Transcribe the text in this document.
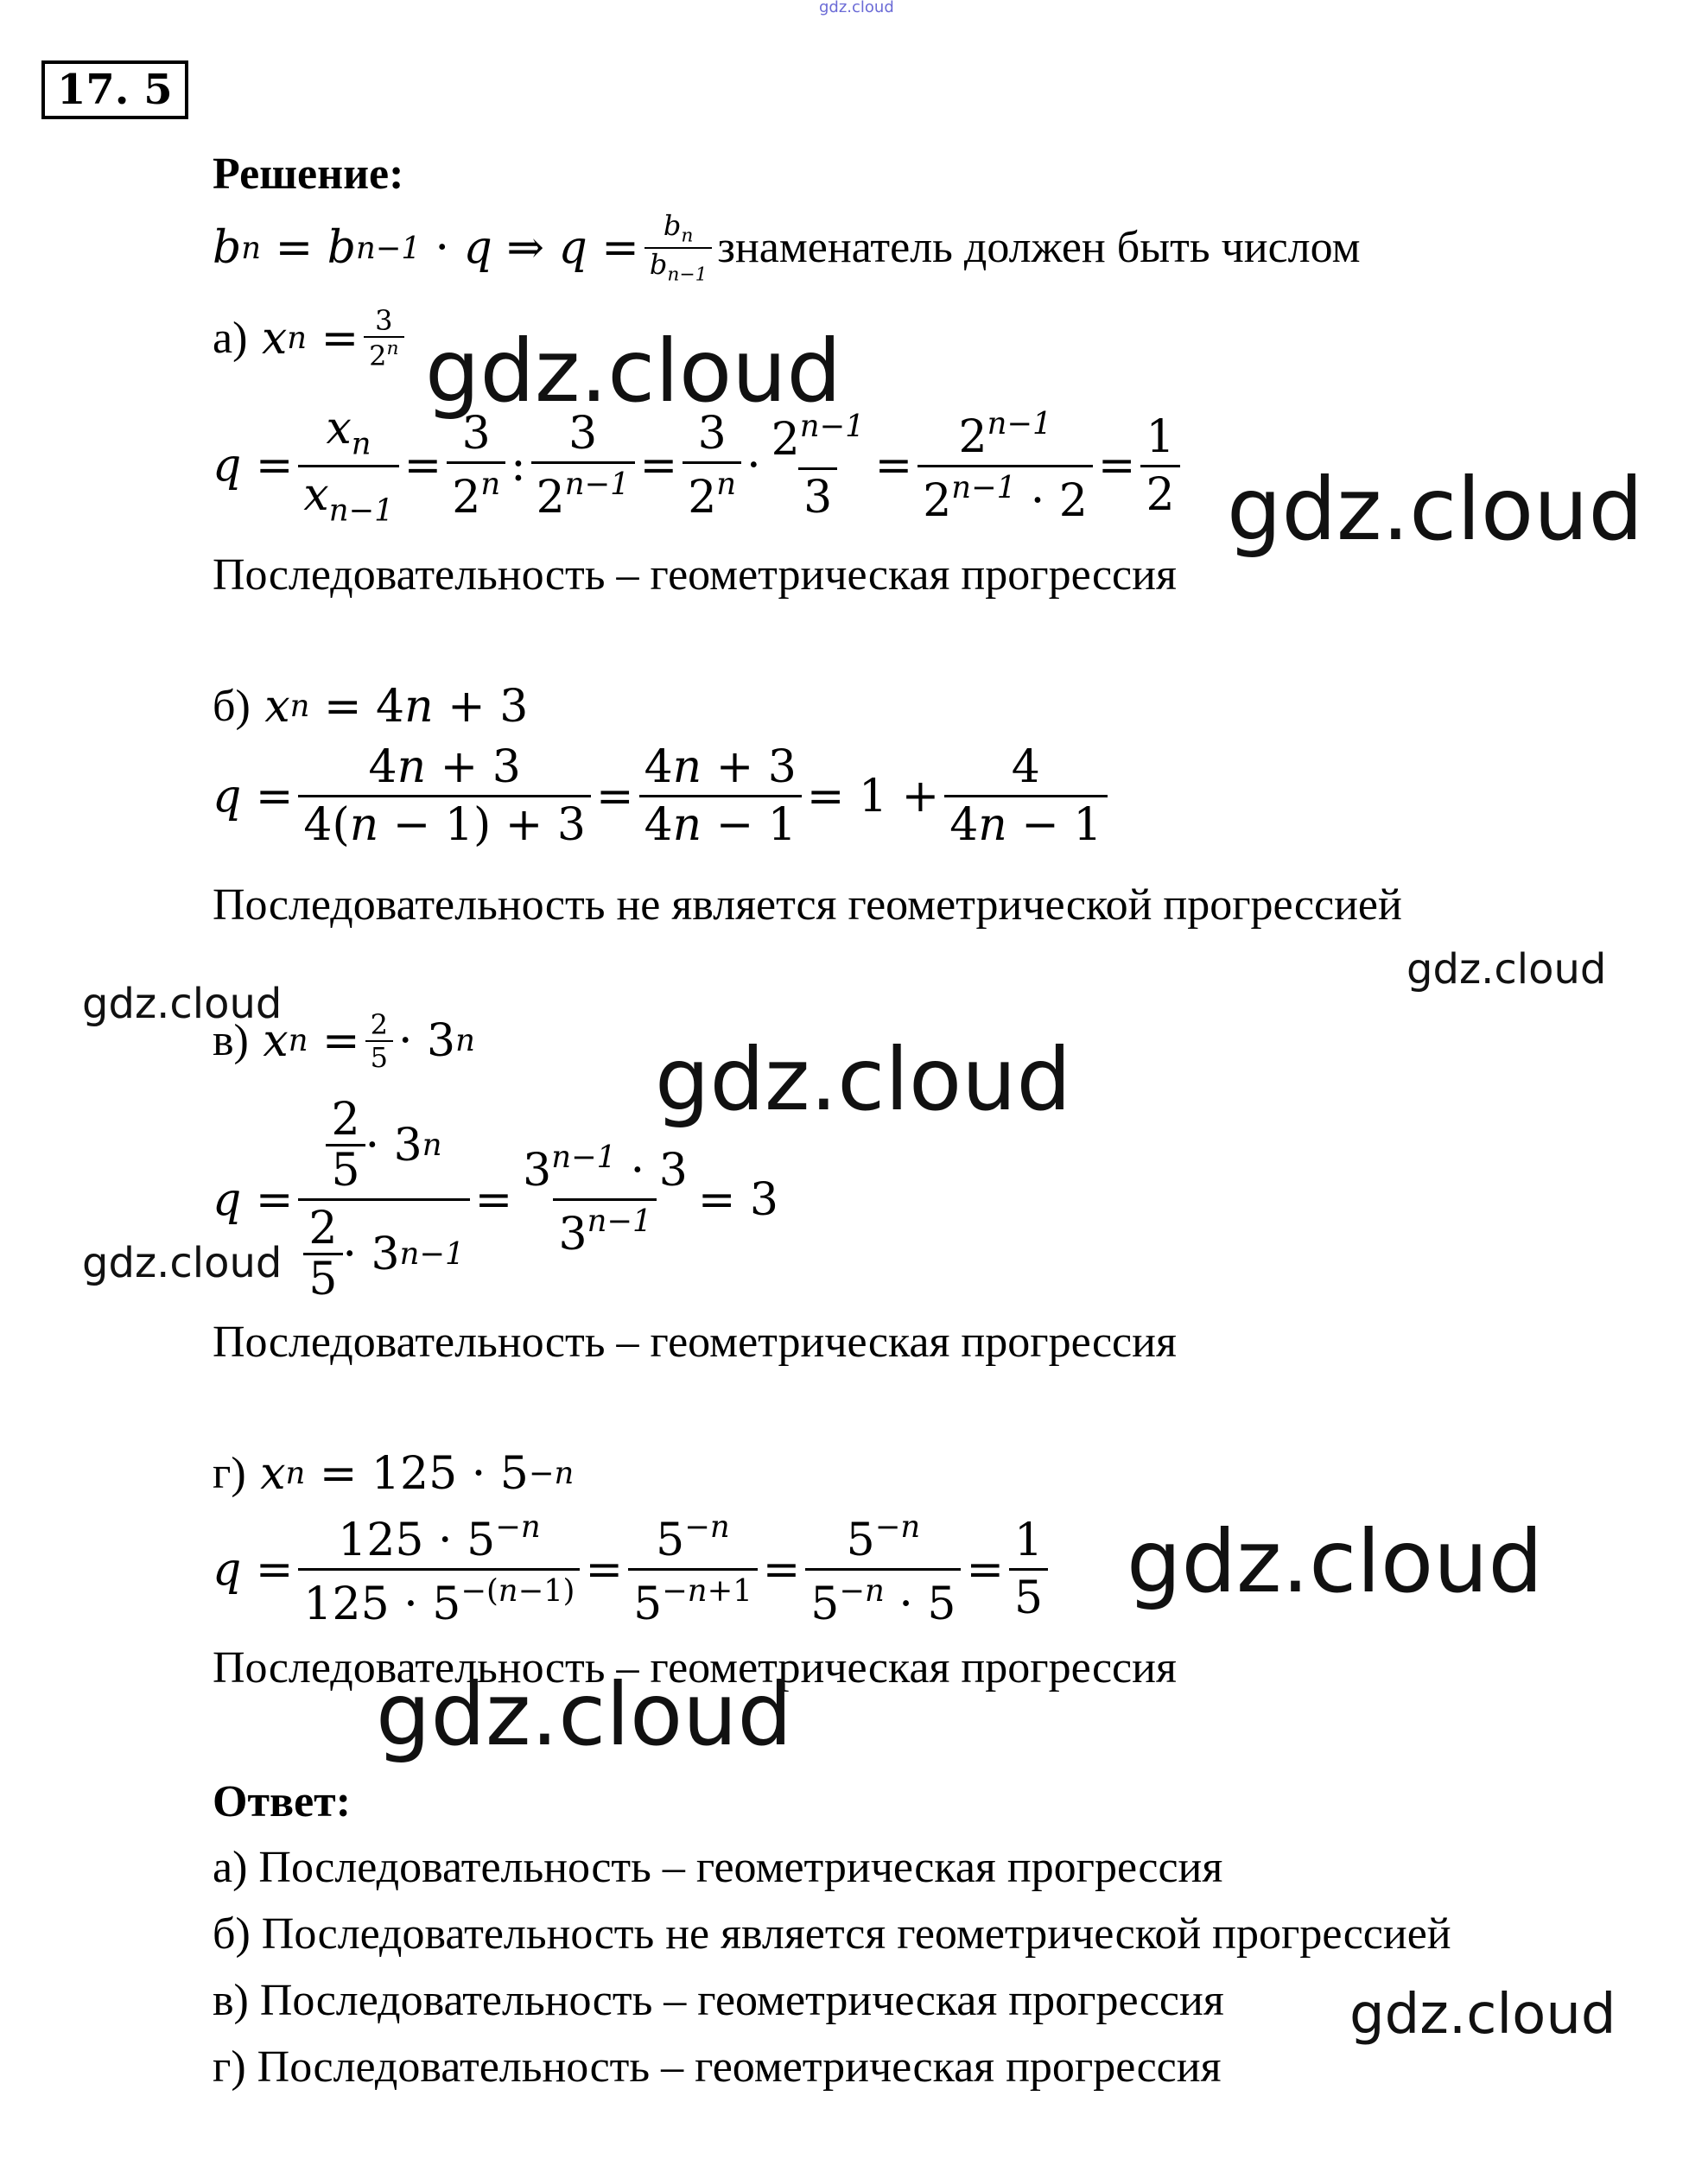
gdz.cloud
17. 5
Решение:
b n = b n−1 · q ⇒ $q = \frac{b_n}{b_{n-1}}$ знаменатель должен быть числом
а)
x $n = \frac{3}{2^n}$
$q = \frac{x_n}{x_{n-1}} = \frac{3}{2^n}$ : $\frac{3}{2^{n-1}} = \frac{3}{2^n} \cdot \frac{2^{n-1}}{3} = \frac{2^{n-1}}{2^{n-1} \cdot 2} = \frac{1}{2}$
Последовательность – геометрическая прогрессия
б)
x n = 4 n + 3
$q = \frac{4n + 3}{4(n - 1) + 3} = \frac{4n + 3}{4n - 1} = 1 + \frac{4}{4n - 1}$
Последовательность не является геометрической прогрессией
в)
x $n = \frac{2}{5} \cdot 3$ n
$q = \frac{\frac{2}{5} \cdot 3 n}{\frac{2}{5} \cdot 3 n-1} = \frac{3^{n-1} \cdot 3}{3^{n-1}} = 3$
Последовательность – геометрическая прогрессия
г)
x n = 125 · 5 −n
$q = \frac{125 \cdot 5^{-n}}{125 \cdot 5^{-(n-1)}} = \frac{5^{-n}}{5^{-n+1}} = \frac{5^{-n}}{5^{-n} \cdot 5} = \frac{1}{5}$
Последовательность – геометрическая прогрессия
Ответ:
а) Последовательность – геометрическая прогрессия
б) Последовательность не является геометрической прогрессией
в) Последовательность – геометрическая прогрессия
г) Последовательность – геометрическая прогрессия
gdz.cloud
gdz.cloud
gdz.cloud
gdz.cloud
gdz.cloud
gdz.cloud
gdz.cloud
gdz.cloud
gdz.cloud
